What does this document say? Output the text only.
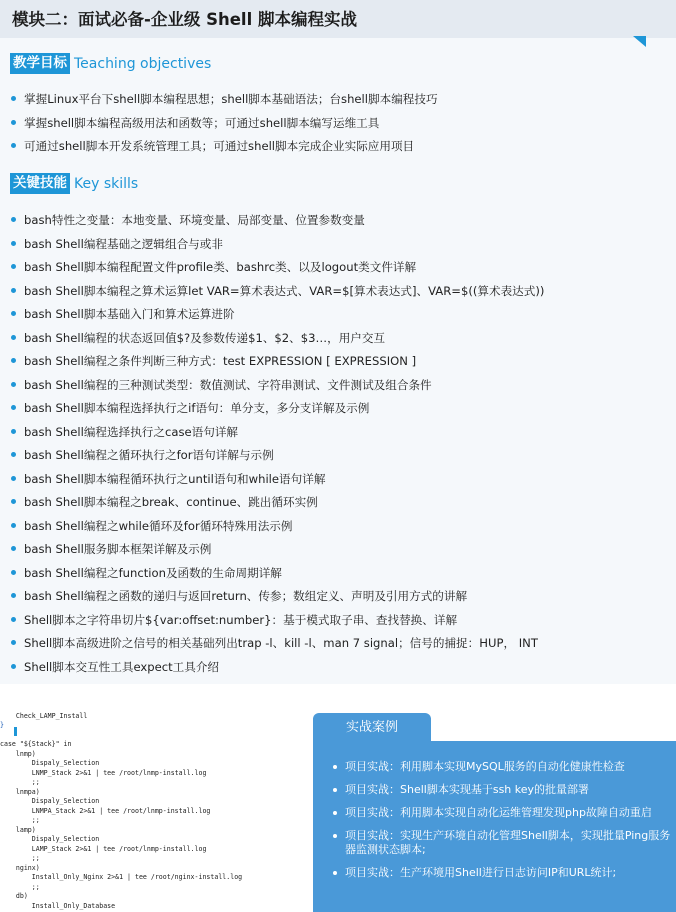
模块二：面试必备-企业级 Shell 脚本编程实战
教学目标 Teaching objectives
掌握Linux平台下shell脚本编程思想；shell脚本基础语法；台shell脚本编程技巧
掌握shell脚本编程高级用法和函数等；可通过shell脚本编写运维工具
可通过shell脚本开发系统管理工具；可通过shell脚本完成企业实际应用项目
关键技能 Key skills
bash特性之变量：本地变量、环境变量、局部变量、位置参数变量
bash Shell编程基础之逻辑组合与或非
bash Shell脚本编程配置文件profile类、bashrc类、以及logout类文件详解
bash Shell脚本编程之算术运算let VAR=算术表达式、VAR=$[算术表达式]、VAR=$((算术表达式))
bash Shell脚本基础入门和算术运算进阶
bash Shell编程的状态返回值$?及参数传递$1、$2、$3…，用户交互
bash Shell编程之条件判断三种方式：test EXPRESSION [ EXPRESSION ]
bash Shell编程的三种测试类型：数值测试、字符串测试、文件测试及组合条件
bash Shell脚本编程选择执行之if语句：单分支，多分支详解及示例
bash Shell编程选择执行之case语句详解
bash Shell编程之循环执行之for语句详解与示例
bash Shell脚本编程循环执行之until语句和while语句详解
bash Shell脚本编程之break、continue、跳出循环实例
bash Shell编程之while循环及for循环特殊用法示例
bash Shell服务脚本框架详解及示例
bash Shell编程之function及函数的生命周期详解
bash Shell编程之函数的递归与返回return、传参；数组定义、声明及引用方式的讲解
Shell脚本之字符串切片${var:offset:number}：基于模式取子串、查找替换、详解
Shell脚本高级进阶之信号的相关基础列出trap -l、kill -l、man 7 signal；信号的捕捉：HUP， INT
Shell脚本交互性工具expect工具介绍
Check_LAMP_Install
}
case "${Stack}" in
lnmp)
Dispaly_Selection
LNMP_Stack 2>&1 | tee /root/lnmp-install.log
;;
lnmpa)
Dispaly_Selection
LNMPA_Stack 2>&1 | tee /root/lnmp-install.log
;;
lamp)
Dispaly_Selection
LAMP_Stack 2>&1 | tee /root/lnmp-install.log
;;
nginx)
Install_Only_Nginx 2>&1 | tee /root/nginx-install.log
;;
db)
Install_Only_Database
实战案例
项目实战：利用脚本实现MySQL服务的自动化健康性检查
项目实战：Shell脚本实现基于ssh key的批量部署
项目实战：利用脚本实现自动化运维管理发现php故障自动重启
项目实战：实现生产环境自动化管理Shell脚本，实现批量Ping服务器监测状态脚本;
项目实战：生产环境用Shell进行日志访问IP和URL统计;
